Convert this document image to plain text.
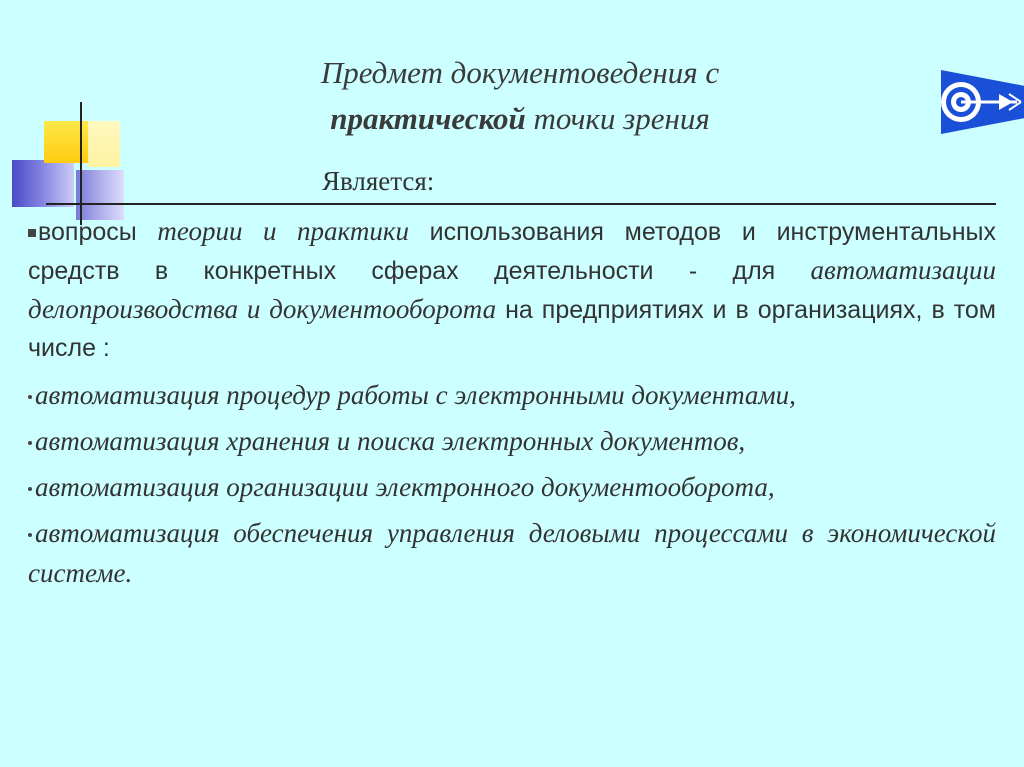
Предмет документоведения с
практической точки зрения
Является:

вопросы теории и практики использования методов и инструментальных средств в конкретных сферах деятельности - для автоматизации делопроизводства и документооборота на предприятиях и в организациях, в том числе :

автоматизация процедур работы с электронными документами,

автоматизация хранения и поиска электронных документов,

автоматизация организации электронного документооборота,

автоматизация обеспечения управления деловыми процессами в экономической системе.
